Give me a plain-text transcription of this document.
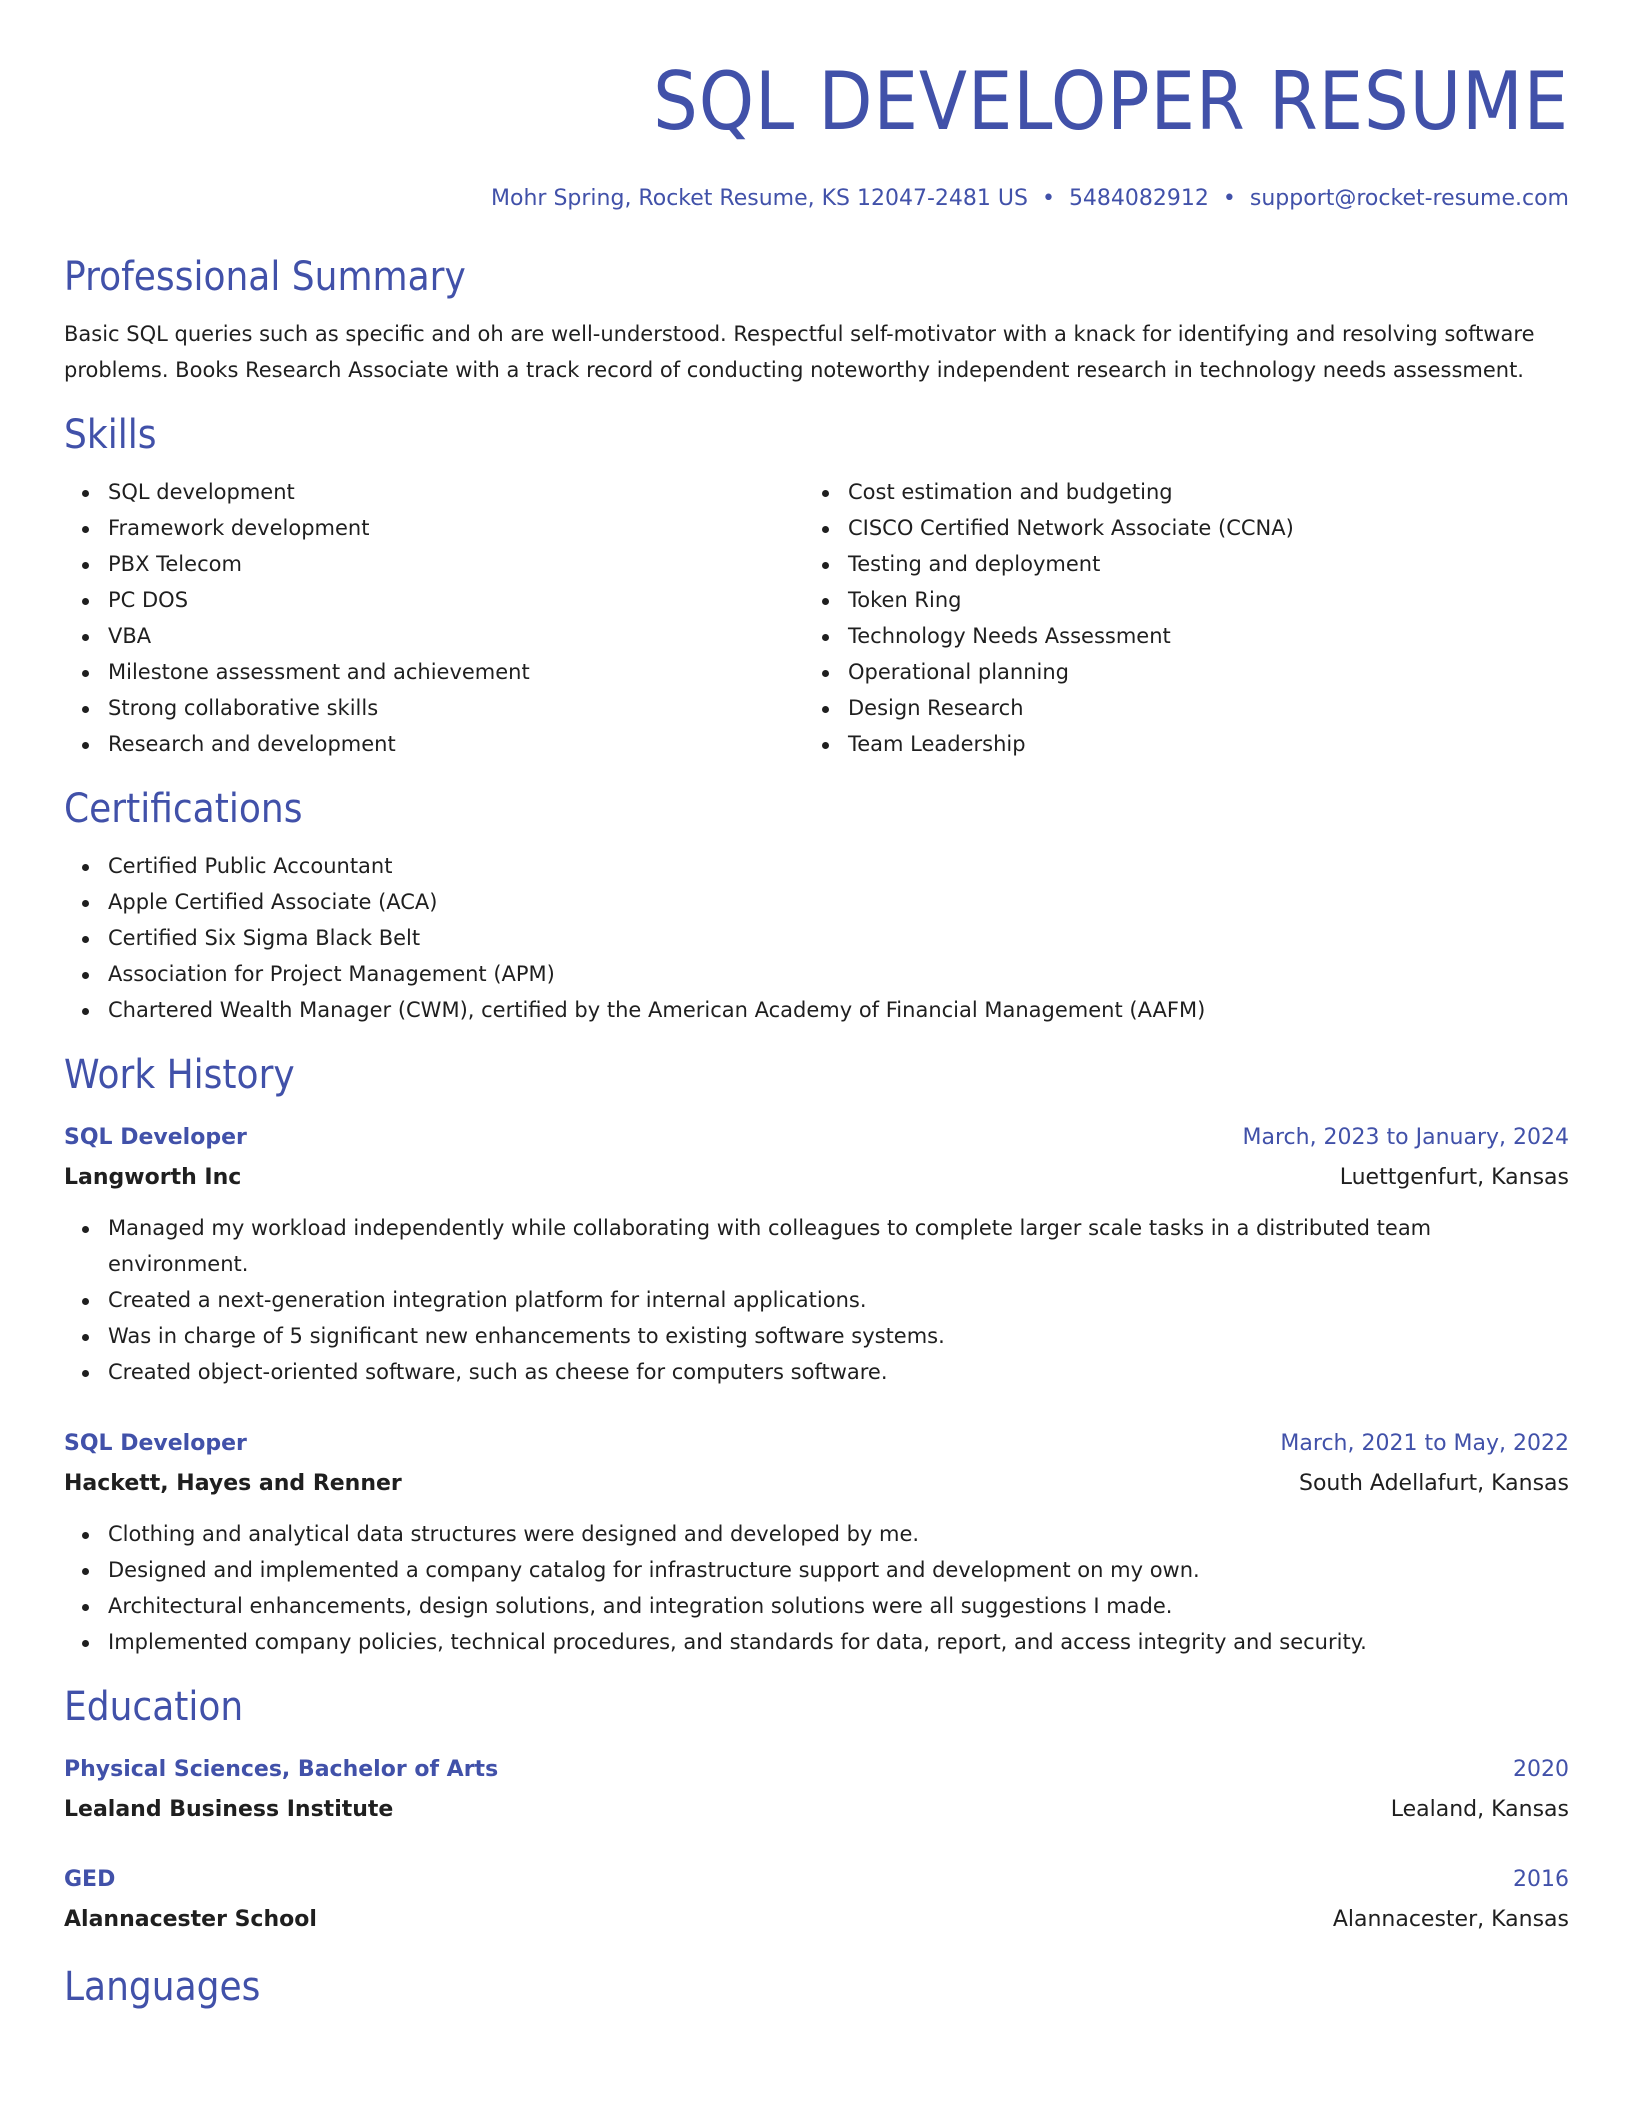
SQL DEVELOPER RESUME
Mohr Spring, Rocket Resume, KS 12047-2481 US • 5484082912 • support@rocket-resume.com
Professional Summary

Basic SQL queries such as specific and oh are well-understood. Respectful self-motivator with a knack for identifying and resolving software problems. Books Research Associate with a track record of conducting noteworthy independent research in technology needs assessment.

Skills
SQL development
Framework development
PBX Telecom
PC DOS
VBA
Milestone assessment and achievement
Strong collaborative skills
Research and development
Cost estimation and budgeting
CISCO Certified Network Associate (CCNA)
Testing and deployment
Token Ring
Technology Needs Assessment
Operational planning
Design Research
Team Leadership
Certifications
Certified Public Accountant
Apple Certified Associate (ACA)
Certified Six Sigma Black Belt
Association for Project Management (APM)
Chartered Wealth Manager (CWM), certified by the American Academy of Financial Management (AAFM)
Work History
SQL Developer	March, 2023 to January, 2024
Langworth Inc	Luettgenfurt, Kansas
Managed my workload independently while collaborating with colleagues to complete larger scale tasks in a distributed team environment.
Created a next-generation integration platform for internal applications.
Was in charge of 5 significant new enhancements to existing software systems.
Created object-oriented software, such as cheese for computers software.
SQL Developer	March, 2021 to May, 2022
Hackett, Hayes and Renner	South Adellafurt, Kansas
Clothing and analytical data structures were designed and developed by me.
Designed and implemented a company catalog for infrastructure support and development on my own.
Architectural enhancements, design solutions, and integration solutions were all suggestions I made.
Implemented company policies, technical procedures, and standards for data, report, and access integrity and security.
Education
Physical Sciences, Bachelor of Arts	2020
Lealand Business Institute	Lealand, Kansas
GED	2016
Alannacester School	Alannacester, Kansas
Languages
